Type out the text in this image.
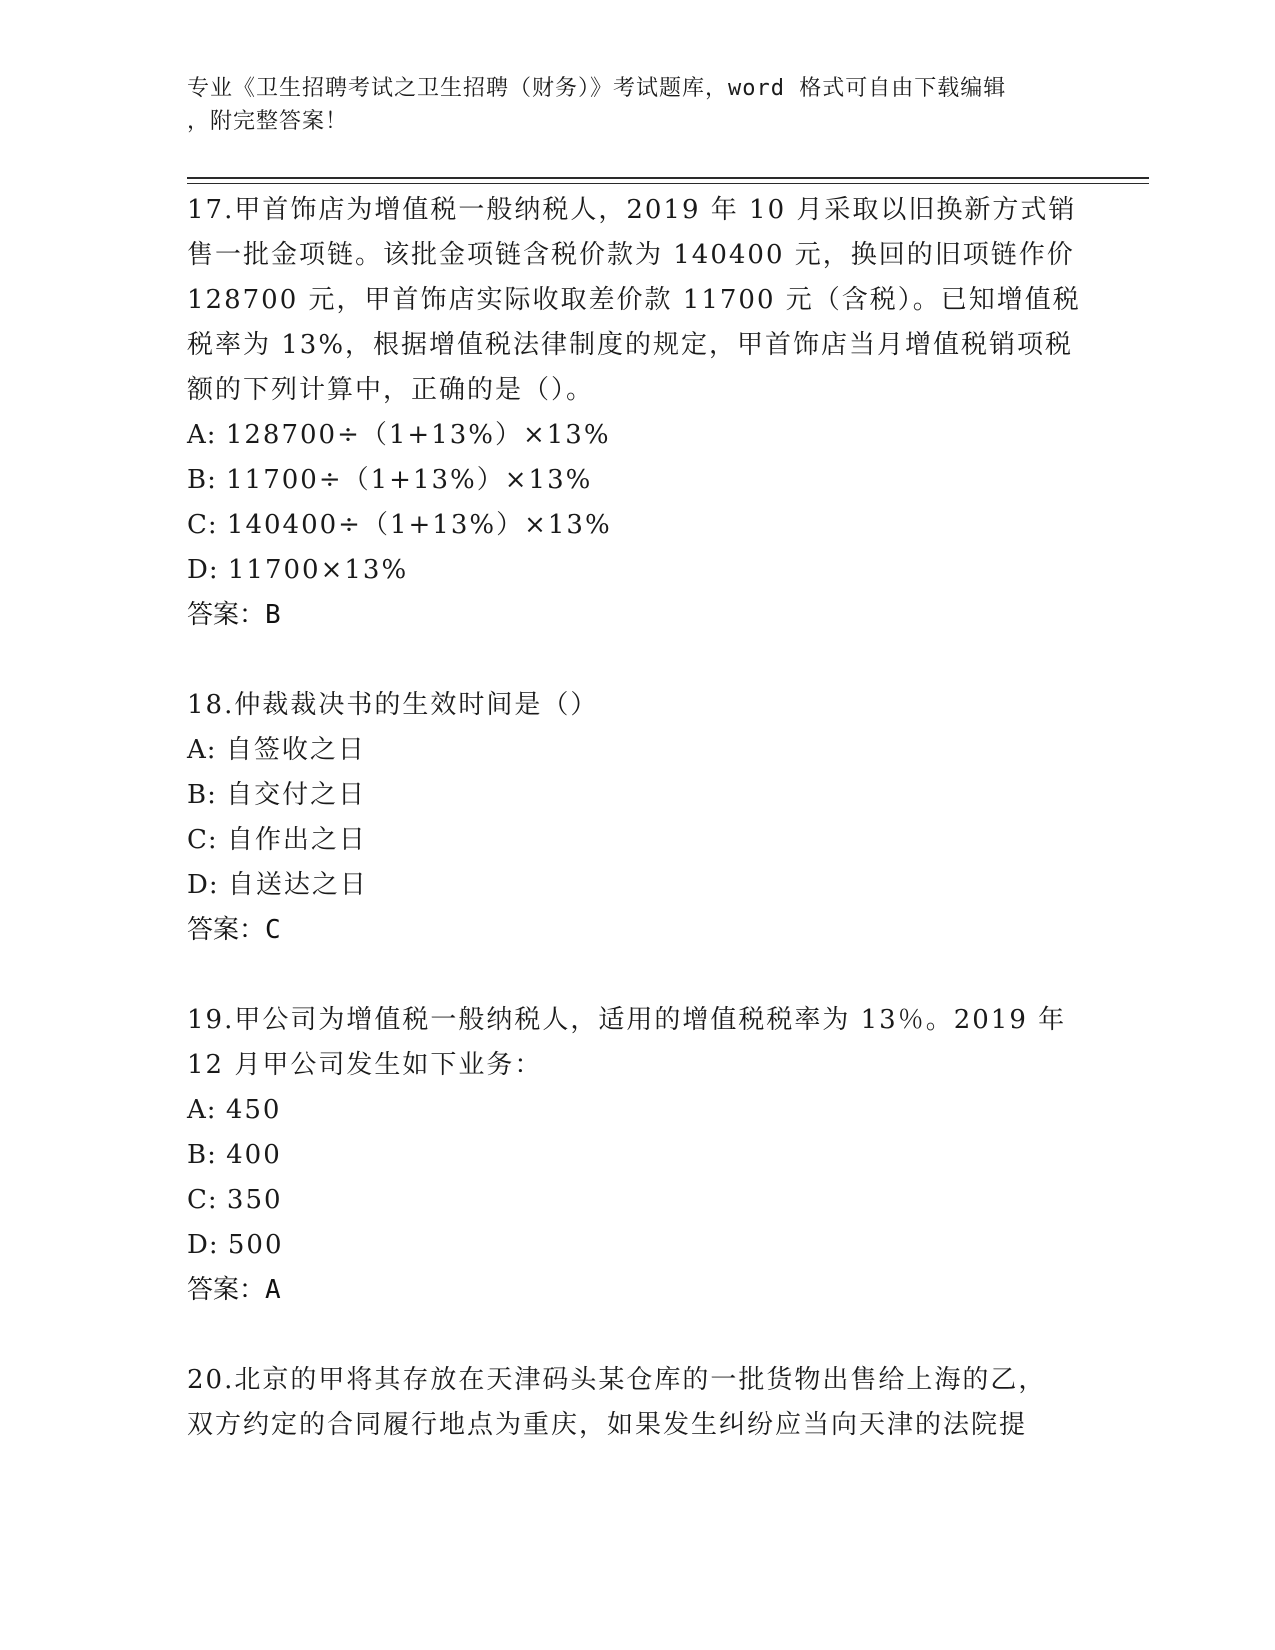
专业《卫生招聘考试之卫生招聘（财务）》考试题库，word 格式可自由下载编辑
，附完整答案！

17.甲首饰店为增值税一般纳税人，2019 年 10 月采取以旧换新方式销

售一批金项链。该批金项链含税价款为 140400 元，换回的旧项链作价

128700 元，甲首饰店实际收取差价款 11700 元（含税）。已知增值税

税率为 13%，根据增值税法律制度的规定，甲首饰店当月增值税销项税

额的下列计算中，正确的是（）。

A: 128700÷（1+13%）×13%

B: 11700÷（1+13%）×13%

C: 140400÷（1+13%）×13%

D: 11700×13%

答案：B

18.仲裁裁决书的生效时间是（）

A: 自签收之日

B: 自交付之日

C: 自作出之日

D: 自送达之日

答案：C

19.甲公司为增值税一般纳税人，适用的增值税税率为 13％。2019 年

12 月甲公司发生如下业务：

A: 450

B: 400

C: 350

D: 500

答案：A

20.北京的甲将其存放在天津码头某仓库的一批货物出售给上海的乙，

双方约定的合同履行地点为重庆，如果发生纠纷应当向天津的法院提
